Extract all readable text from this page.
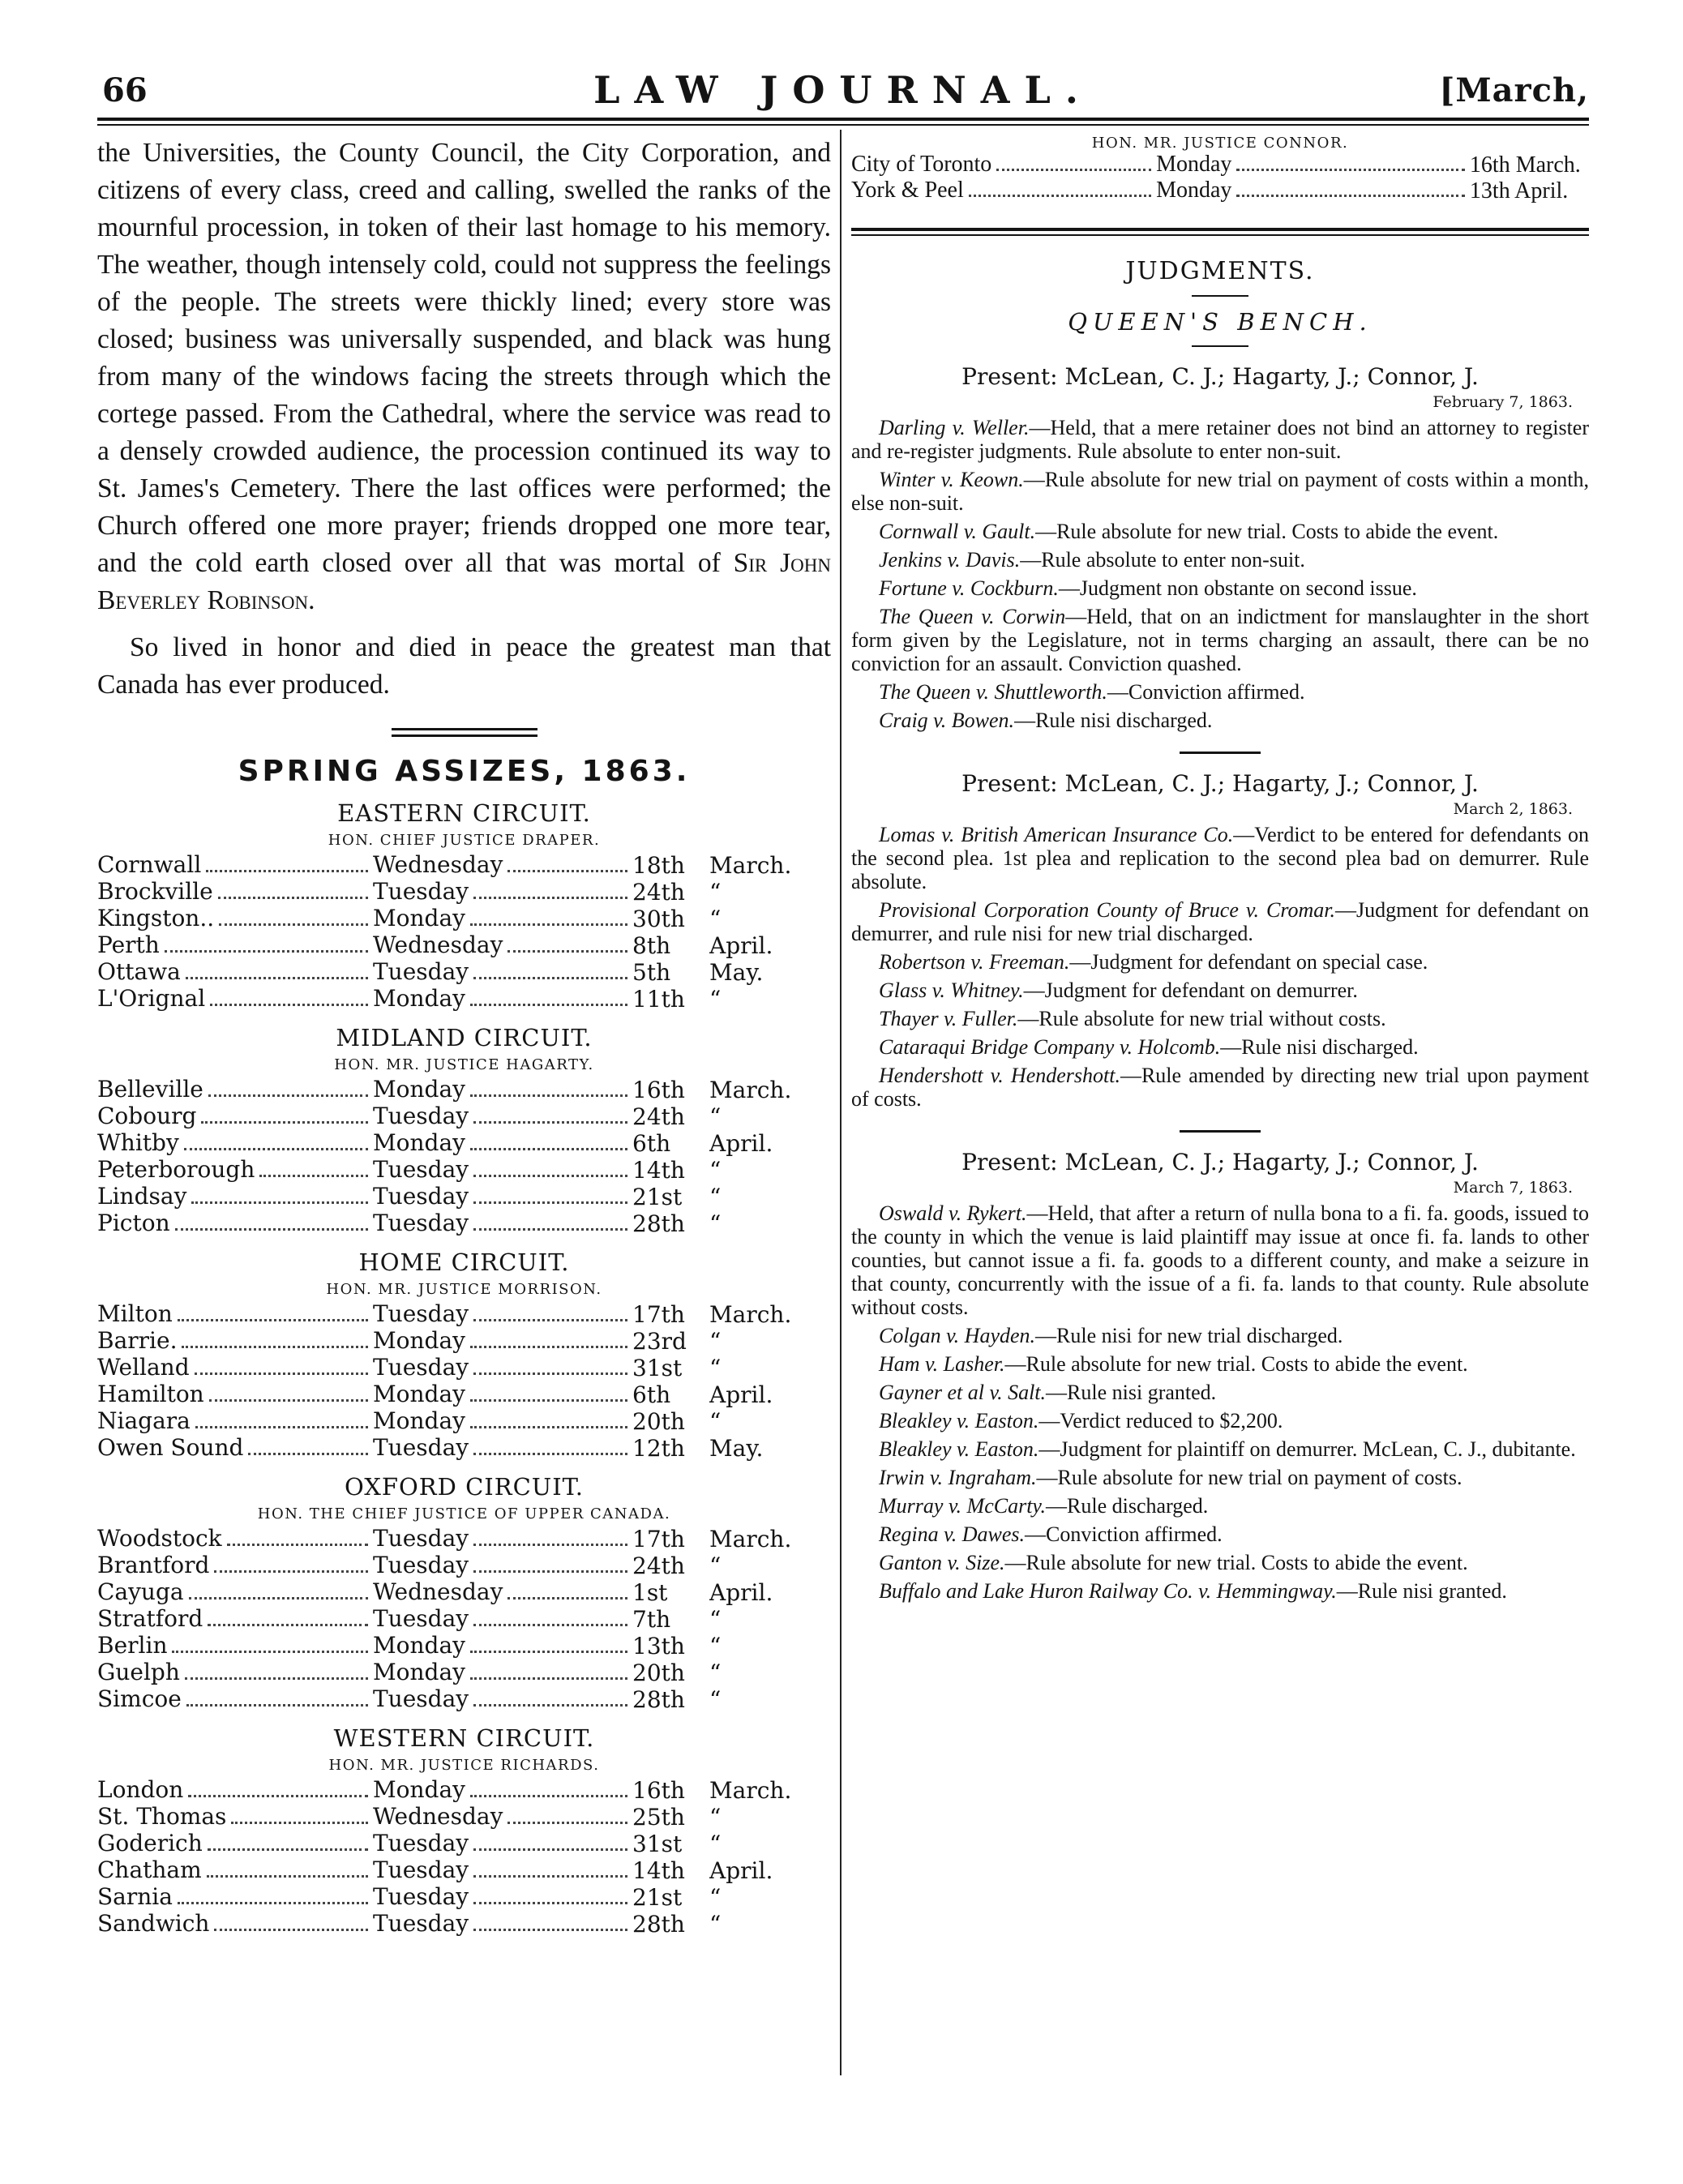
66	LAW JOURNAL.	[March,

the Universities, the County Council, the City Corporation, and citizens of every class, creed and calling, swelled the ranks of the mournful procession, in token of their last homage to his memory. The weather, though intensely cold, could not suppress the feelings of the people. The streets were thickly lined; every store was closed; business was universally suspended, and black was hung from many of the windows facing the streets through which the cortege passed. From the Cathedral, where the service was read to a densely crowded audience, the procession continued its way to St. James's Cemetery. There the last offices were performed; the Church offered one more prayer; friends dropped one more tear, and the cold earth closed over all that was mortal of Sir John Beverley Robinson.

So lived in honor and died in peace the greatest man that Canada has ever produced.

SPRING ASSIZES, 1863.
EASTERN CIRCUIT.
HON. CHIEF JUSTICE DRAPER.
Cornwall	Wednesday	18th	March.

Brockville	Tuesday	24th	“

Kingston..	Monday	30th	“

Perth	Wednesday	8th	April.

Ottawa	Tuesday	5th	May.

L'Orignal	Monday	11th	“
MIDLAND CIRCUIT.
HON. MR. JUSTICE HAGARTY.
Belleville	Monday	16th	March.

Cobourg	Tuesday	24th	“

Whitby	Monday	6th	April.

Peterborough	Tuesday	14th	“

Lindsay	Tuesday	21st	“

Picton	Tuesday	28th	“
HOME CIRCUIT.
HON. MR. JUSTICE MORRISON.
Milton	Tuesday	17th	March.

Barrie.	Monday	23rd	“

Welland	Tuesday	31st	“

Hamilton	Monday	6th	April.

Niagara	Monday	20th	“

Owen Sound	Tuesday	12th	May.
OXFORD CIRCUIT.
HON. THE CHIEF JUSTICE OF UPPER CANADA.
Woodstock	Tuesday	17th	March.

Brantford	Tuesday	24th	“

Cayuga	Wednesday	1st	April.

Stratford	Tuesday	7th	“

Berlin	Monday	13th	“

Guelph	Monday	20th	“

Simcoe	Tuesday	28th	“
WESTERN CIRCUIT.
HON. MR. JUSTICE RICHARDS.
London	Monday	16th	March.

St. Thomas	Wednesday	25th	“

Goderich	Tuesday	31st	“

Chatham	Tuesday	14th	April.

Sarnia	Tuesday	21st	“

Sandwich	Tuesday	28th	“
HON. MR. JUSTICE CONNOR.
City of Toronto	Monday	16th March.

York & Peel	Monday	13th April.
JUDGMENTS.
QUEEN'S BENCH.
Present: McLean, C. J.; Hagarty, J.; Connor, J.
February 7, 1863.

Darling v. Weller.—Held, that a mere retainer does not bind an attorney to register and re-register judgments. Rule absolute to enter non-suit.

Winter v. Keown.—Rule absolute for new trial on payment of costs within a month, else non-suit.

Cornwall v. Gault.—Rule absolute for new trial. Costs to abide the event.

Jenkins v. Davis.—Rule absolute to enter non-suit.

Fortune v. Cockburn.—Judgment non obstante on second issue.

The Queen v. Corwin—Held, that on an indictment for manslaughter in the short form given by the Legislature, not in terms charging an assault, there can be no conviction for an assault. Conviction quashed.

The Queen v. Shuttleworth.—Conviction affirmed.

Craig v. Bowen.—Rule nisi discharged.

Present: McLean, C. J.; Hagarty, J.; Connor, J.
March 2, 1863.

Lomas v. British American Insurance Co.—Verdict to be entered for defendants on the second plea. 1st plea and replication to the second plea bad on demurrer. Rule absolute.

Provisional Corporation County of Bruce v. Cromar.—Judgment for defendant on demurrer, and rule nisi for new trial discharged.

Robertson v. Freeman.—Judgment for defendant on special case.

Glass v. Whitney.—Judgment for defendant on demurrer.

Thayer v. Fuller.—Rule absolute for new trial without costs.

Cataraqui Bridge Company v. Holcomb.—Rule nisi discharged.

Hendershott v. Hendershott.—Rule amended by directing new trial upon payment of costs.

Present: McLean, C. J.; Hagarty, J.; Connor, J.
March 7, 1863.

Oswald v. Rykert.—Held, that after a return of nulla bona to a fi. fa. goods, issued to the county in which the venue is laid plaintiff may issue at once fi. fa. lands to other counties, but cannot issue a fi. fa. goods to a different county, and make a seizure in that county, concurrently with the issue of a fi. fa. lands to that county. Rule absolute without costs.

Colgan v. Hayden.—Rule nisi for new trial discharged.

Ham v. Lasher.—Rule absolute for new trial. Costs to abide the event.

Gayner et al v. Salt.—Rule nisi granted.

Bleakley v. Easton.—Verdict reduced to $2,200.

Bleakley v. Easton.—Judgment for plaintiff on demurrer. McLean, C. J., dubitante.

Irwin v. Ingraham.—Rule absolute for new trial on payment of costs.

Murray v. McCarty.—Rule discharged.

Regina v. Dawes.—Conviction affirmed.

Ganton v. Size.—Rule absolute for new trial. Costs to abide the event.

Buffalo and Lake Huron Railway Co. v. Hemmingway.—Rule nisi granted.
